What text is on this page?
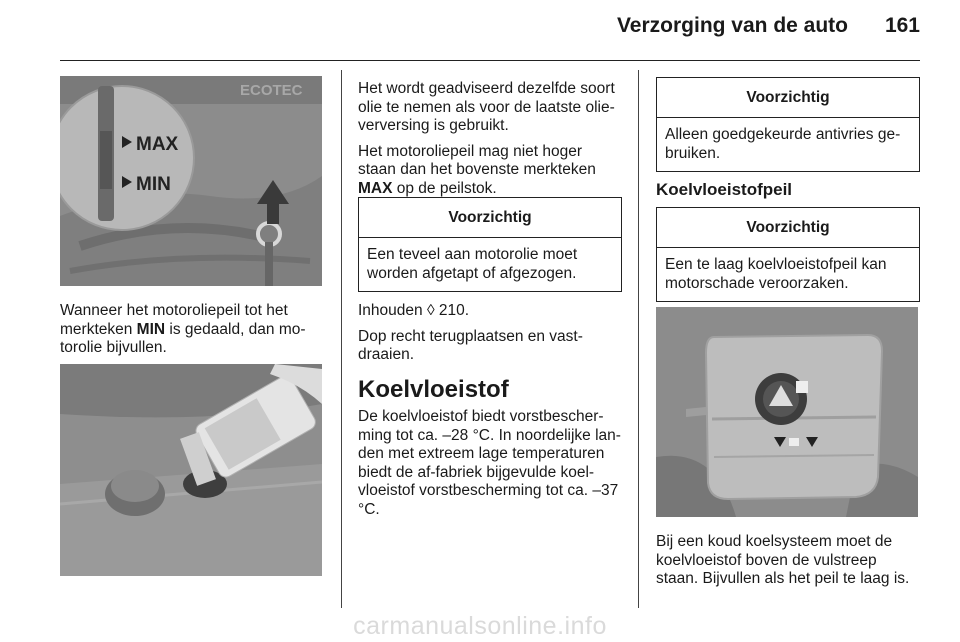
Verzorging van de auto 161
ECOTEC
MAX
MIN
Wanneer het motoroliepeil tot het merkteken MIN is gedaald, dan mo-torolie bijvullen.

Het wordt geadviseerd dezelfde soort olie te nemen als voor de laatste olie-verversing is gebruikt.

Het motoroliepeil mag niet hoger staan dan het bovenste merkteken MAX op de peilstok.

Voorzichtig
Een teveel aan motorolie moet worden afgetapt of afgezogen.

Inhouden ◊ 210.

Dop recht terugplaatsen en vast-draaien.

Koelvloeistof
De koelvloeistof biedt vorstbescher-ming tot ca. –28 °C. In noordelijke lan-den met extreem lage temperaturen biedt de af-fabriek bijgevulde koel-vloeistof vorstbescherming tot ca. –37 °C.
Voorzichtig
Alleen goedgekeurde antivries ge-bruiken.
Koelvloeistofpeil
Voorzichtig
Een te laag koelvloeistofpeil kan motorschade veroorzaken.
Bij een koud koelsysteem moet de koelvloeistof boven de vulstreep staan. Bijvullen als het peil te laag is.
carmanualsonline.info
